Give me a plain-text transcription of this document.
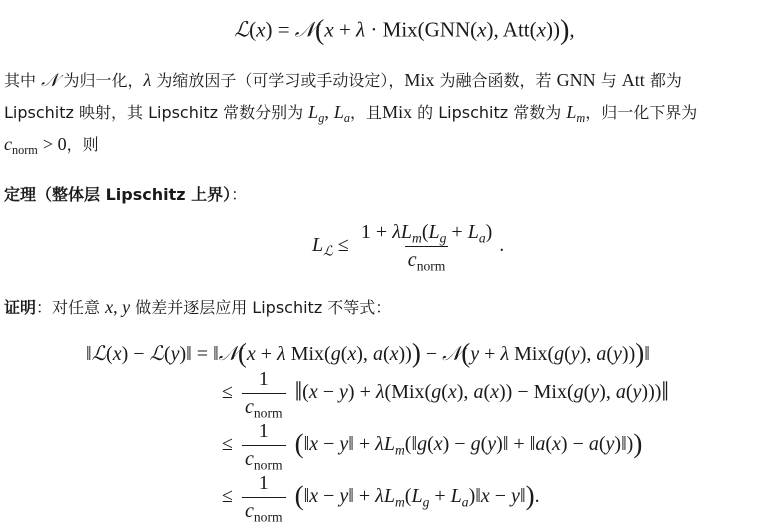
ℒ(x) = 𝒩(x + λ · Mix(GNN(x), Att(x))),
其中 𝒩 为归一化，λ 为缩放因子（可学习或手动设定），Mix 为融合函数，若 GNN 与 Att 都为
Lipschitz 映射，其 Lipschitz 常数分别为 $L_g$, $L_a$，且Mix 的 Lipschitz 常数为 $L_m$，归一化下界为
$c_{norm} > 0$，则
定理（整体层 Lipschitz 上界）：
$L_ℒ \le \frac{1 + \lambda L_m(L_g + L_a)}{c_{norm}}$ .
证明：对任意 x, y 做差并逐层应用 Lipschitz 不等式：
‖ℒ(x) − ℒ(y)‖ = ‖𝒩(x + λ Mix(g(x), a(x))) − 𝒩(y + λ Mix(g(y), a(y)))‖
≤ $\frac{1}{c_{norm}}$ ‖(x − y) + λ(Mix(g(x), a(x)) − Mix(g(y), a(y)))‖
≤ $\frac{1}{c_{norm}}$ (‖x − y‖ + $\lambda L_m(‖g(x)$ − g(y)‖ + ‖a(x) − a(y)‖))
≤ $\frac{1}{c_{norm}}$ (‖x − y‖ + $\lambda L_m(L_g$ + $L_a)‖x$ − y‖).
